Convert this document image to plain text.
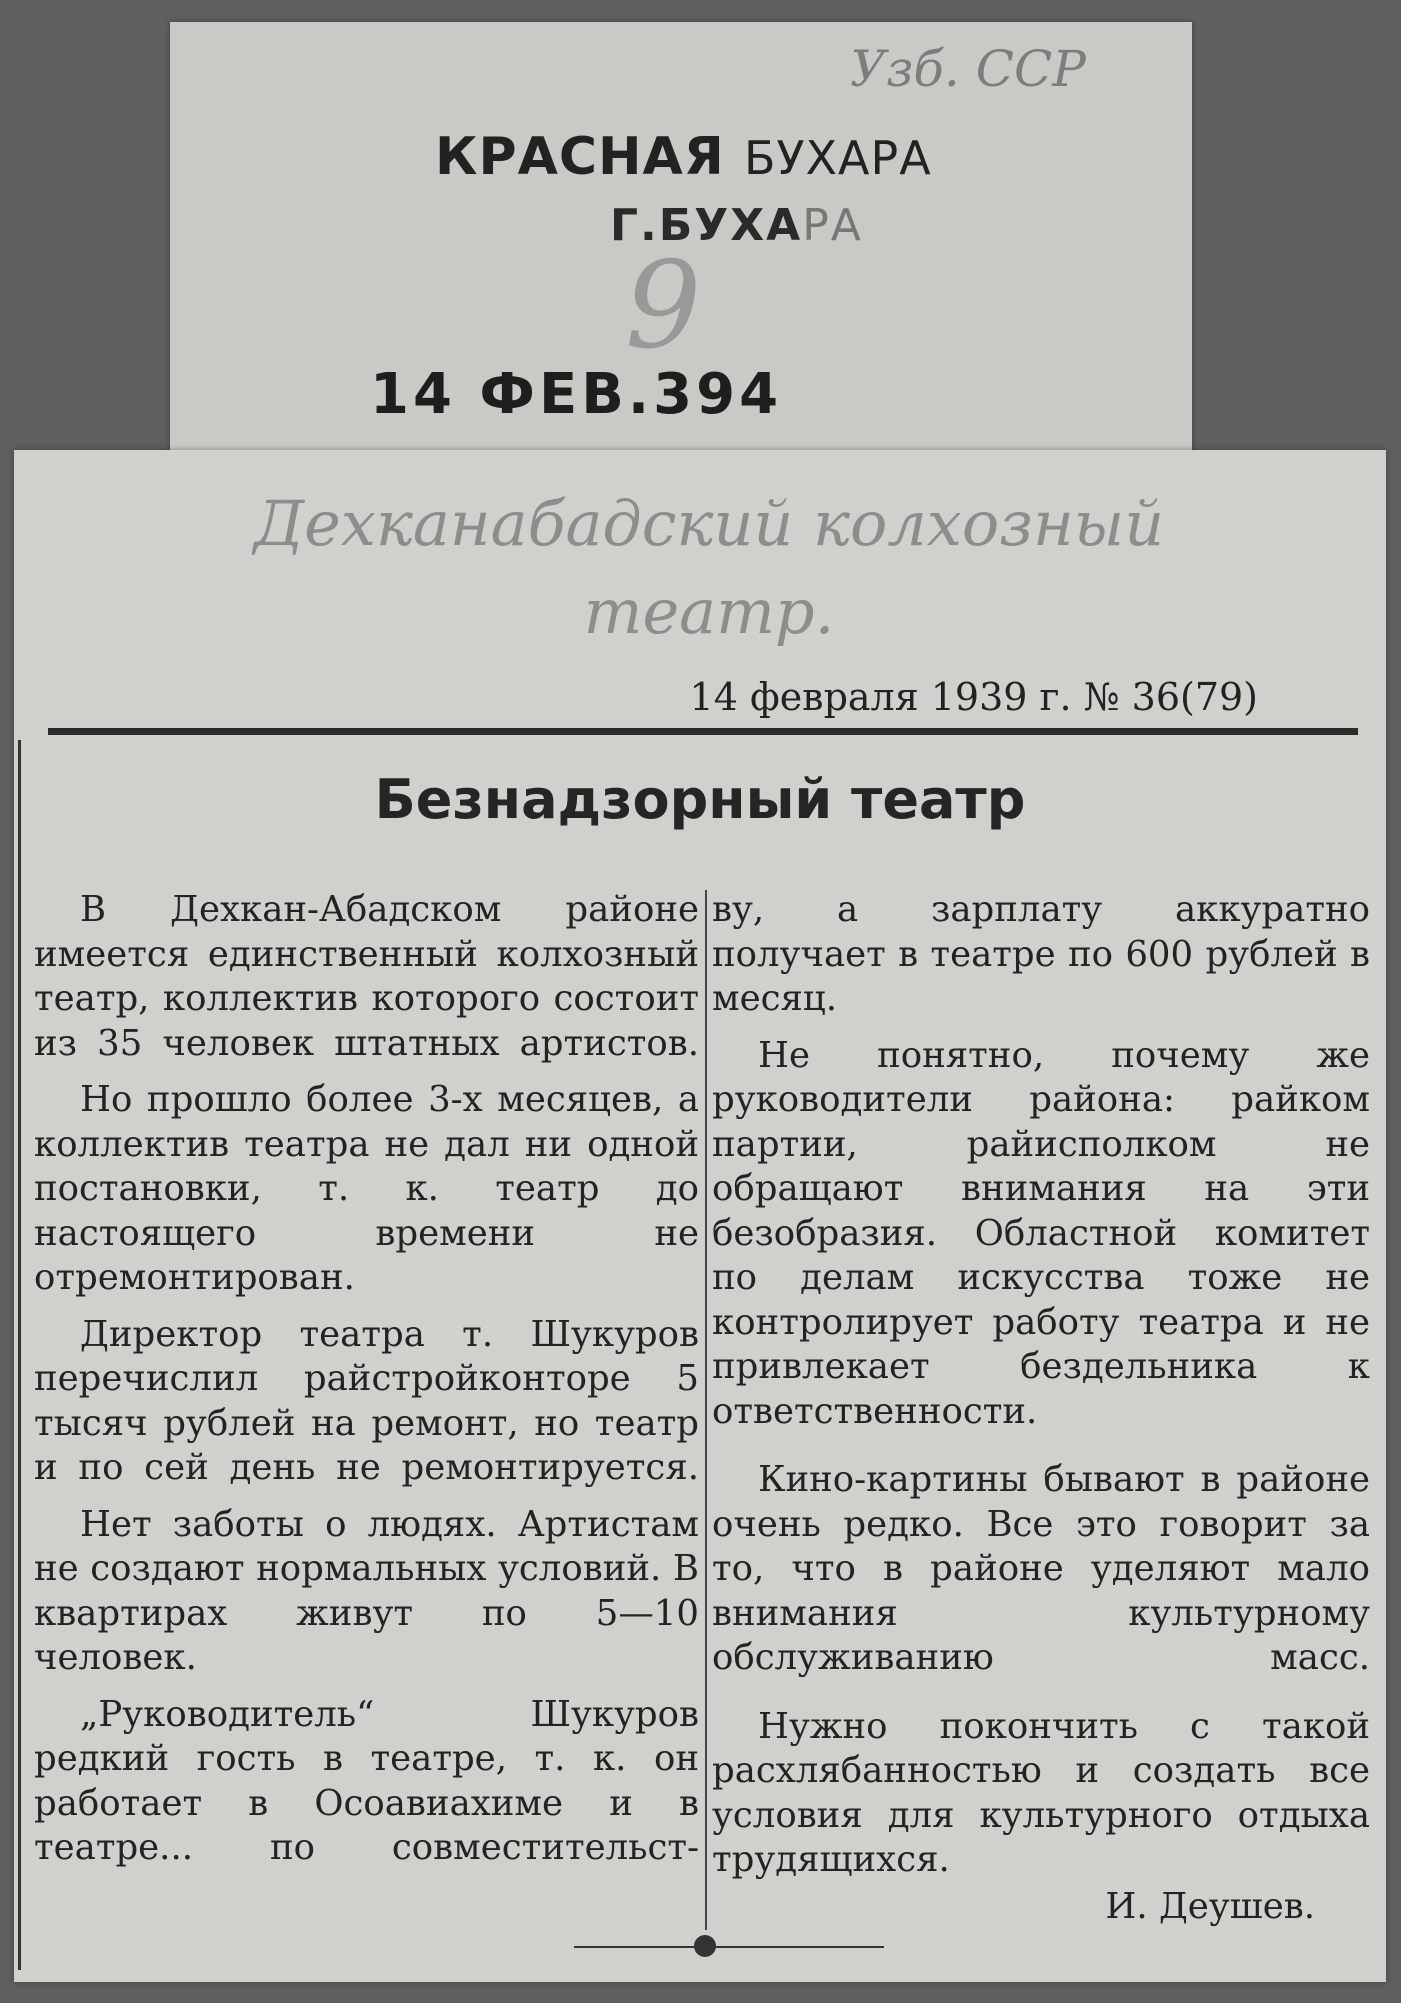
Узб. ССР
КРАСНАЯ БУХАРА
Г.БУХАРА
9
14 ФЕВ.394
Дехканабадский колхозный театр.
14 февраля 1939 г. № 36(79)
Безнадзорный театр

В Дехкан-Абадском районе имеется единственный колхозный театр, коллектив которого состоит из 35 человек штатных артистов.

Но прошло более 3-х месяцев, а коллектив театра не дал ни одной постановки, т. к. театр до настоящего времени не отремонтирован.

Директор театра т. Шукуров перечислил райстройконторе 5 тысяч рублей на ремонт, но театр и по сей день не ремонтируется.

Нет заботы о людях. Артистам не создают нормальных условий. В квартирах живут по 5—10 человек.

„Руководитель“ Шукуров редкий гость в театре, т. к. он работает в Осоавиахиме и в театре... по совместительст-

ву, а зарплату аккуратно получает в театре по 600 рублей в месяц.

Не понятно, почему же руководители района: райком партии, райисполком не обращают внимания на эти безобразия. Областной комитет по делам искусства тоже не контролирует работу театра и не привлекает бездельника к ответственности.

Кино-картины бывают в районе очень редко. Все это говорит за то, что в районе уделяют мало внимания культурному обслуживанию масс.

Нужно покончить с такой расхлябанностью и создать все условия для культурного отдыха трудящихся.

И. Деушев.
